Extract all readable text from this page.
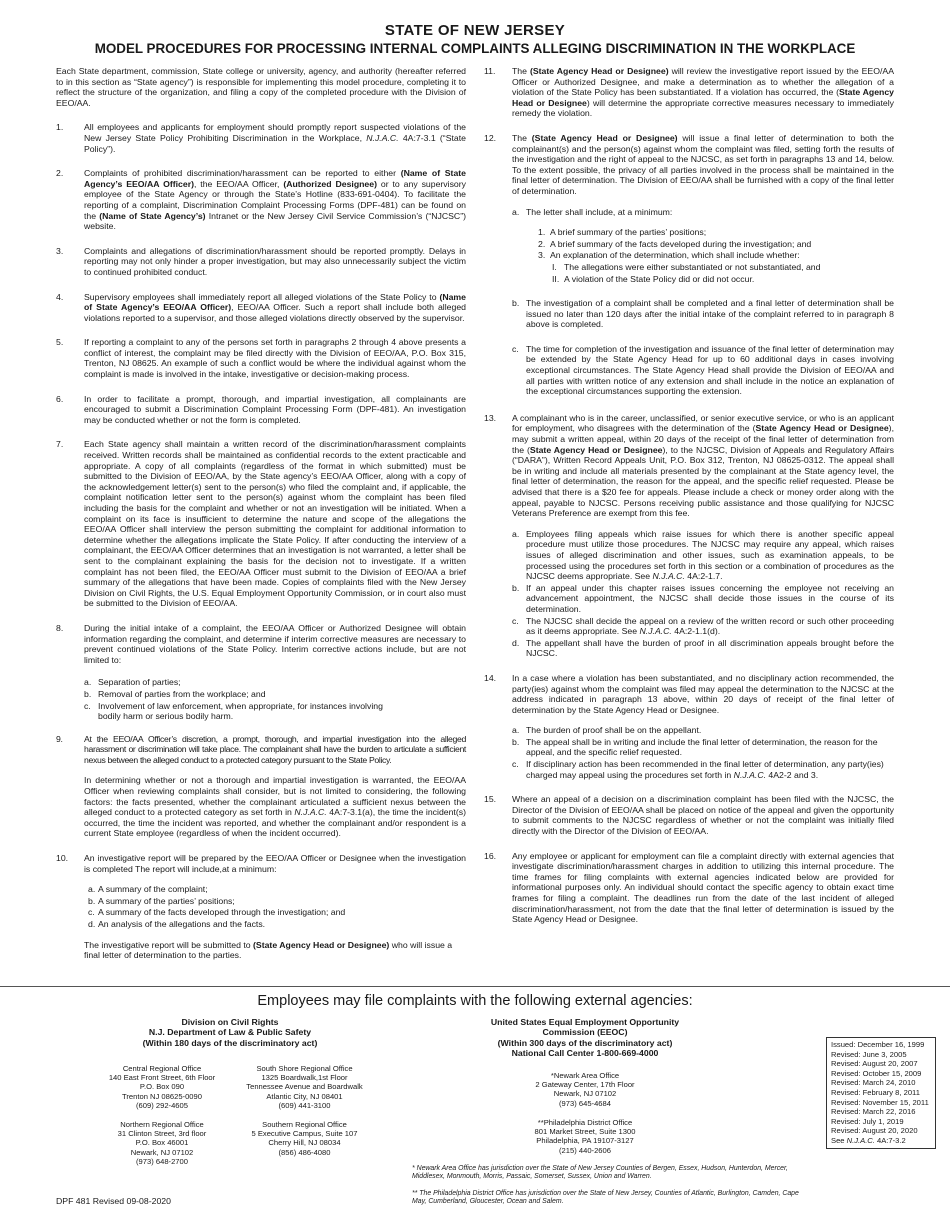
STATE OF NEW JERSEY
MODEL PROCEDURES FOR PROCESSING INTERNAL COMPLAINTS ALLEGING DISCRIMINATION IN THE WORKPLACE
Each State department, commission, State college or university, agency, and authority (hereafter referred to in this section as “State agency”) is responsible for implementing this model procedure, completing it to reflect the structure of the organization, and filing a copy of the completed procedure with the Division of EEO/AA.
1. All employees and applicants for employment should promptly report suspected violations of the New Jersey State Policy Prohibiting Discrimination in the Workplace, N.J.A.C. 4A:7-3.1 (“State Policy”).
2. Complaints of prohibited discrimination/harassment can be reported to either (Name of State Agency’s EEO/AA Officer), the EEO/AA Officer, (Authorized Designee) or to any supervisory employee of the State Agency or through the State’s Hotline (833-691-0404). To facilitate the reporting of a complaint, Discrimination Complaint Processing Forms (DPF-481) can be found on the (Name of State Agency’s) Intranet or the New Jersey Civil Service Commission’s (“NJCSC”) website.
3. Complaints and allegations of discrimination/harassment should be reported promptly. Delays in reporting may not only hinder a proper investigation, but may also unnecessarily subject the victim to continued prohibited conduct.
4. Supervisory employees shall immediately report all alleged violations of the State Policy to (Name of State Agency’s EEO/AA Officer), EEO/AA Officer. Such a report shall include both alleged violations reported to a supervisor, and those alleged violations directly observed by the supervisor.
5. If reporting a complaint to any of the persons set forth in paragraphs 2 through 4 above presents a conflict of interest, the complaint may be filed directly with the Division of EEO/AA, P.O. Box 315, Trenton, NJ 08625. An example of such a conflict would be where the individual against whom the complaint is made is involved in the intake, investigative or decision-making process.
6. In order to facilitate a prompt, thorough, and impartial investigation, all complainants are encouraged to submit a Discrimination Complaint Processing Form (DPF-481). An investigation may be conducted whether or not the form is completed.
7. Each State agency shall maintain a written record of the discrimination/harassment complaints received. Written records shall be maintained as confidential records to the extent practicable and appropriate. A copy of all complaints (regardless of the format in which submitted) must be submitted to the Division of EEO/AA, by the State agency’s EEO/AA Officer, along with a copy of the acknowledgement letter(s) sent to the person(s) who filed the complaint and, if applicable, the complaint notification letter sent to the person(s) against whom the complaint has been filed including the basis for the complaint and whether or not an investigation will be initiated. When a complaint on its face is insufficient to determine the nature and scope of the allegations the EEO/AA Officer shall interview the person submitting the complaint for additional information to determine whether the allegations implicate the State Policy. If after conducting the interview of a complainant, the EEO/AA Officer determines that an investigation is not warranted, a letter shall be sent to the complainant explaining the basis for the decision not to investigate. If a written complaint has not been filed, the EEO/AA Officer must submit to the Division of EEO/AA a brief summary of the allegations that have been made. Copies of complaints filed with the New Jersey Division on Civil Rights, the U.S. Equal Employment Opportunity Commission, or in court also must be submitted to the Division of EEO/AA.
8. During the initial intake of a complaint, the EEO/AA Officer or Authorized Designee will obtain information regarding the complaint, and determine if interim corrective measures are necessary to prevent continued violations of the State Policy. Interim corrective actions include, but are not limited to:
a. Separation of parties;
b. Removal of parties from the workplace; and
c. Involvement of law enforcement, when appropriate, for instances involving bodily harm or serious bodily harm.
9. At the EEO/AA Officer’s discretion, a prompt, thorough, and impartial investigation into the alleged harassment or discrimination will take place. The complainant shall have the burden to articulate a sufficient nexus between the alleged conduct to a protected category pursuant to the State Policy.
In determining whether or not a thorough and impartial investigation is warranted, the EEO/AA Officer when reviewing complaints shall consider, but is not limited to considering, the following factors: the facts presented, whether the complainant articulated a sufficient nexus between the alleged conduct to a protected category as set forth in N.J.A.C. 4A:7-3.1(a), the time the incident(s) occurred, the time the incident was reported, and whether the complainant and/or respondent is a current State employee (regardless of when the incident occurred).
10. An investigative report will be prepared by the EEO/AA Officer or Designee when the investigation is completed The report will include,at a minimum:
a. A summary of the complaint;
b. A summary of the parties’ positions;
c. A summary of the facts developed through the investigation; and
d. An analysis of the allegations and the facts.
The investigative report will be submitted to (State Agency Head or Designee) who will issue a final letter of determination to the parties.
11. The (State Agency Head or Designee) will review the investigative report issued by the EEO/AA Officer or Authorized Designee, and make a determination as to whether the allegation of a violation of the State Policy has been substantiated. If a violation has occurred, the (State Agency Head or Designee) will determine the appropriate corrective measures necessary to immediately remedy the violation.
12. The (State Agency Head or Designee) will issue a final letter of determination to both the complainant(s) and the person(s) against whom the complaint was filed, setting forth the results of the investigation and the right of appeal to the NJCSC, as set forth in paragraphs 13 and 14, below. To the extent possible, the privacy of all parties involved in the process shall be maintained in the final letter of determination. The Division of EEO/AA shall be furnished with a copy of the final letter of determination.
a. The letter shall include, at a minimum:
1. A brief summary of the parties’ positions;
2. A brief summary of the facts developed during the investigation; and
3. An explanation of the determination, which shall include whether:
I. The allegations were either substantiated or not substantiated, and
II. A violation of the State Policy did or did not occur.
b. The investigation of a complaint shall be completed and a final letter of determination shall be issued no later than 120 days after the initial intake of the complaint referred to in paragraph 8 above is completed.
c. The time for completion of the investigation and issuance of the final letter of determination may be extended by the State Agency Head for up to 60 additional days in cases involving exceptional circumstances. The State Agency Head shall provide the Division of EEO/AA and all parties with written notice of any extension and shall include in the notice an explanation of the exceptional circumstances supporting the extension.
13. A complainant who is in the career, unclassified, or senior executive service, or who is an applicant for employment, who disagrees with the determination of the (State Agency Head or Designee), may submit a written appeal, within 20 days of the receipt of the final letter of determination from the (State Agency Head or Designee), to the NJCSC, Division of Appeals and Regulatory Affairs (“DARA”), Written Record Appeals Unit, P.O. Box 312, Trenton, NJ 08625-0312. The appeal shall be in writing and include all materials presented by the complainant at the State agency level, the final letter of determination, the reason for the appeal, and the specific relief requested. Please be advised that there is a $20 fee for appeals. Please include a check or money order along with the appeal, payable to NJCSC. Persons receiving public assistance and those qualifying for NJCSC Veterans Preference are exempt from this fee.
a. Employees filing appeals which raise issues for which there is another specific appeal procedure must utilize those procedures. The NJCSC may require any appeal, which raises issues of alleged discrimination and other issues, such as examination appeals, to be processed using the procedures set forth in this section or a combination of procedures as the NJCSC deems appropriate. See N.J.A.C. 4A:2-1.7.
b. If an appeal under this chapter raises issues concerning the employee not receiving an advancement appointment, the NJCSC shall decide those issues in the course of its determination.
c. The NJCSC shall decide the appeal on a review of the written record or such other proceeding as it deems appropriate. See N.J.A.C. 4A:2-1.1(d).
d. The appellant shall have the burden of proof in all discrimination appeals brought before the NJCSC.
14. In a case where a violation has been substantiated, and no disciplinary action recommended, the party(ies) against whom the complaint was filed may appeal the determination to the NJCSC at the address indicated in paragraph 13 above, within 20 days of receipt of the final letter of determination by the State Agency Head or Designee.
a. The burden of proof shall be on the appellant.
b. The appeal shall be in writing and include the final letter of determination, the reason for the appeal, and the specific relief requested.
c. If disciplinary action has been recommended in the final letter of determination, any party(ies) charged may appeal using the procedures set forth in N.J.A.C. 4A2-2 and 3.
15. Where an appeal of a decision on a discrimination complaint has been filed with the NJCSC, the Director of the Division of EEO/AA shall be placed on notice of the appeal and given the opportunity to submit comments to the NJCSC regardless of whether or not the complaint was initially filed directly with the Director of the Division of EEO/AA.
16. Any employee or applicant for employment can file a complaint directly with external agencies that investigate discrimination/harassment charges in addition to utilizing this internal procedure. The time frames for filing complaints with external agencies indicated below are provided for informational purposes only. An individual should contact the specific agency to obtain exact time frames for filing a complaint. The deadlines run from the date of the last incident of alleged discrimination/harassment, not from the date that the final letter of determination is issued by the State Agency Head or Designee.
Employees may file complaints with the following external agencies:
Division on Civil Rights
N.J. Department of Law & Public Safety
(Within 180 days of the discriminatory act)
Central Regional Office
140 East Front Street, 6th Floor
P.O. Box 090
Trenton NJ 08625-0090
(609) 292-4605
South Shore Regional Office
1325 Boardwalk,1st Floor
Tennessee Avenue and Boardwalk
Atlantic City, NJ 08401
(609) 441-3100
Northern Regional Office
31 Clinton Street, 3rd floor
P.O. Box 46001
Newark, NJ 07102
(973) 648-2700
Southern Regional Office
5 Executive Campus, Suite 107
Cherry Hill, NJ 08034
(856) 486-4080
United States Equal Employment Opportunity
Commission (EEOC)
(Within 300 days of the discriminatory act)
National Call Center 1-800-669-4000
*Newark Area Office
2 Gateway Center, 17th Floor
Newark, NJ 07102
(973) 645-4684
**Philadelphia District Office
801 Market Street, Suite 1300
Philadelphia, PA 19107-3127
(215) 440-2606
* Newark Area Office has jurisdiction over the State of New Jersey Counties of Bergen, Essex, Hudson, Hunterdon, Mercer, Middlesex, Monmouth, Morris, Passaic, Somerset, Sussex, Union and Warren.
** The Philadelphia District Office has jurisdiction over the State of New Jersey, Counties of Atlantic, Burlington, Camden, Cape May, Cumberland, Gloucester, Ocean and Salem.
Issued: December 16, 1999
Revised: June 3, 2005
Revised: August 20, 2007
Revised: October 15, 2009
Revised: March 24, 2010
Revised: February 8, 2011
Revised: November 15, 2011
Revised: March 22, 2016
Revised: July 1, 2019
Revised: August 20, 2020
See N.J.A.C. 4A:7-3.2
DPF 481 Revised 09-08-2020
